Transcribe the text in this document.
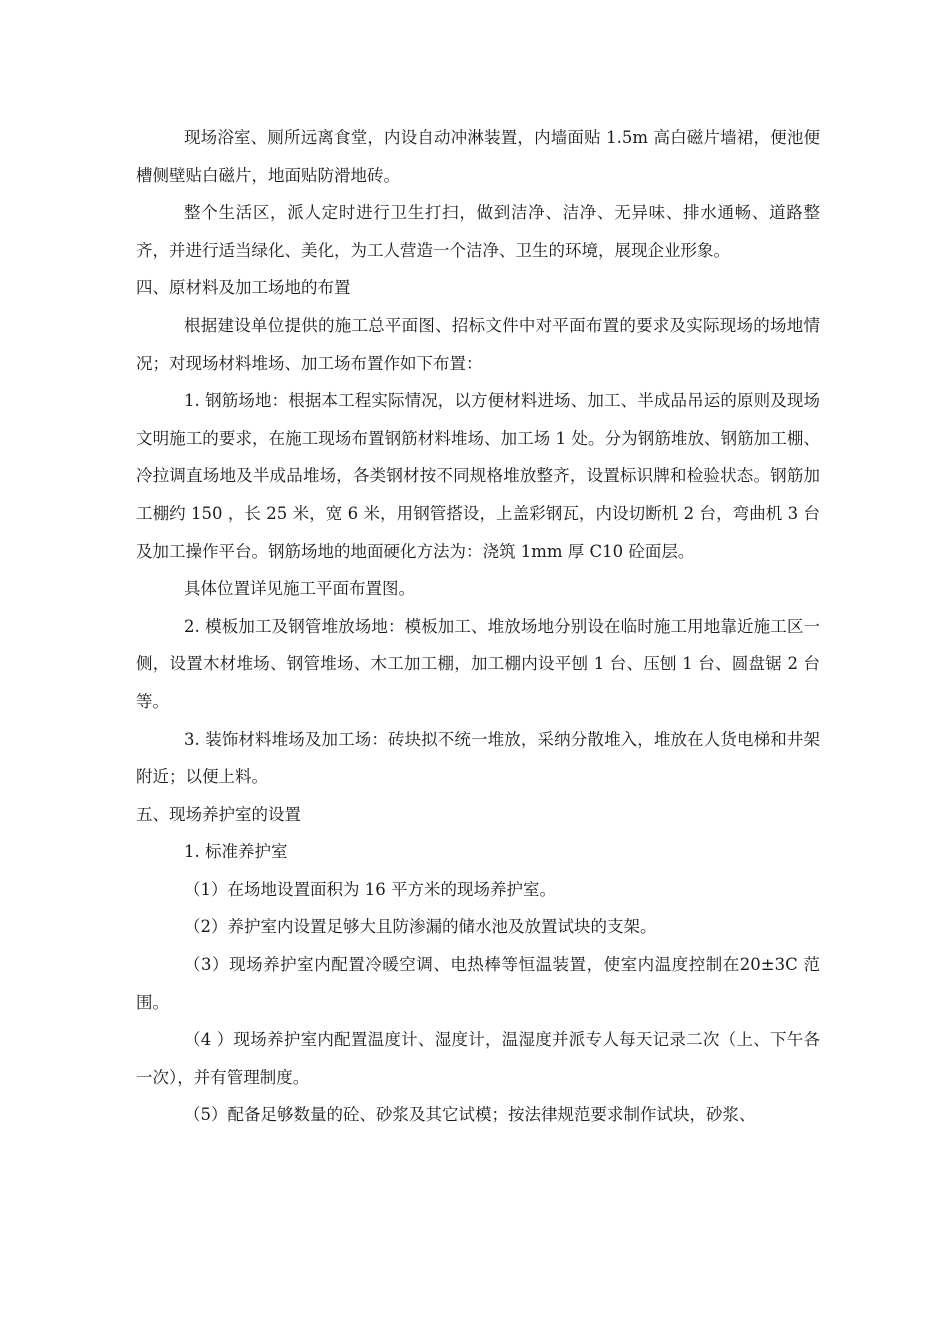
现场浴室、厕所远离食堂，内设自动冲淋装置，内墙面贴 1.5m 高白磁片墙裙，便池便槽侧壁贴白磁片，地面贴防滑地砖。

整个生活区，派人定时进行卫生打扫，做到洁净、洁净、无异味、排水通畅、道路整齐，并进行适当绿化、美化，为工人营造一个洁净、卫生的环境，展现企业形象。

四、原材料及加工场地的布置

根据建设单位提供的施工总平面图、招标文件中对平面布置的要求及实际现场的场地情况；对现场材料堆场、加工场布置作如下布置：

1. 钢筋场地：根据本工程实际情况，以方便材料进场、加工、半成品吊运的原则及现场文明施工的要求，在施工现场布置钢筋材料堆场、加工场 1 处。分为钢筋堆放、钢筋加工棚、冷拉调直场地及半成品堆场，各类钢材按不同规格堆放整齐，设置标识牌和检验状态。钢筋加工棚约 150 ，长 25 米，宽 6 米，用钢管搭设，上盖彩钢瓦，内设切断机 2 台，弯曲机 3 台及加工操作平台。钢筋场地的地面硬化方法为：浇筑 1mm 厚 C10 砼面层。

具体位置详见施工平面布置图。

2. 模板加工及钢管堆放场地：模板加工、堆放场地分别设在临时施工用地靠近施工区一侧，设置木材堆场、钢管堆场、木工加工棚，加工棚内设平刨 1 台、压刨 1 台、圆盘锯 2 台等。

3. 装饰材料堆场及加工场：砖块拟不统一堆放，采纳分散堆入，堆放在人货电梯和井架附近；以便上料。

五、现场养护室的设置

1. 标准养护室

（1）在场地设置面积为 16 平方米的现场养护室。

（2）养护室内设置足够大且防渗漏的储水池及放置试块的支架。

（3）现场养护室内配置冷暖空调、电热棒等恒温装置，使室内温度控制在20±3C 范围。

（4 ）现场养护室内配置温度计、湿度计，温湿度并派专人每天记录二次（上、下午各一次），并有管理制度。

（5）配备足够数量的砼、砂浆及其它试模；按法律规范要求制作试块，砂浆、
